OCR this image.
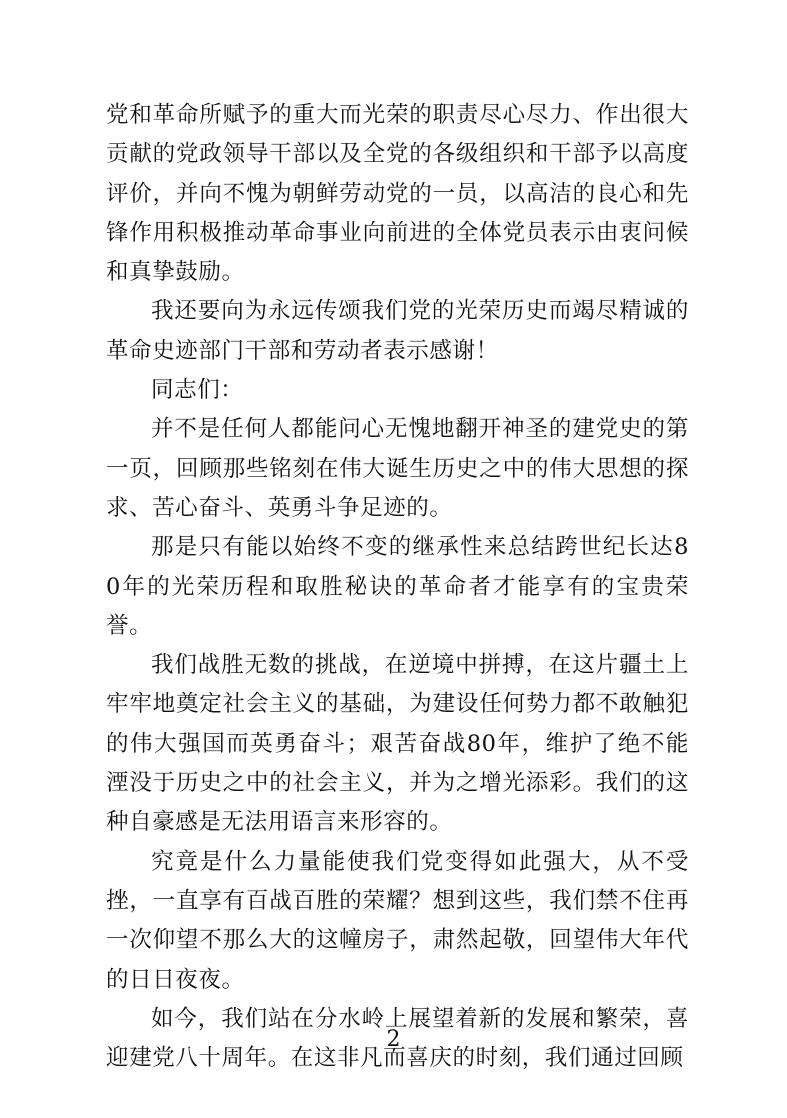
党和革命所赋予的重大而光荣的职责尽心尽力、作出很大贡献的党政领导干部以及全党的各级组织和干部予以高度评价，并向不愧为朝鲜劳动党的一员，以高洁的良心和先锋作用积极推动革命事业向前进的全体党员表示由衷问候和真挚鼓励。

我还要向为永远传颂我们党的光荣历史而竭尽精诚的革命史迹部门干部和劳动者表示感谢！

同志们：

并不是任何人都能问心无愧地翻开神圣的建党史的第一页，回顾那些铭刻在伟大诞生历史之中的伟大思想的探求、苦心奋斗、英勇斗争足迹的。

那是只有能以始终不变的继承性来总结跨世纪长达80年的光荣历程和取胜秘诀的革命者才能享有的宝贵荣誉。

我们战胜无数的挑战，在逆境中拼搏，在这片疆土上牢牢地奠定社会主义的基础，为建设任何势力都不敢触犯的伟大强国而英勇奋斗；艰苦奋战80年，维护了绝不能湮没于历史之中的社会主义，并为之增光添彩。我们的这种自豪感是无法用语言来形容的。

究竟是什么力量能使我们党变得如此强大，从不受挫，一直享有百战百胜的荣耀？想到这些，我们禁不住再一次仰望不那么大的这幢房子，肃然起敬，回望伟大年代的日日夜夜。

如今，我们站在分水岭上展望着新的发展和繁荣，喜迎建党八十周年。在这非凡而喜庆的时刻，我们通过回顾

2
